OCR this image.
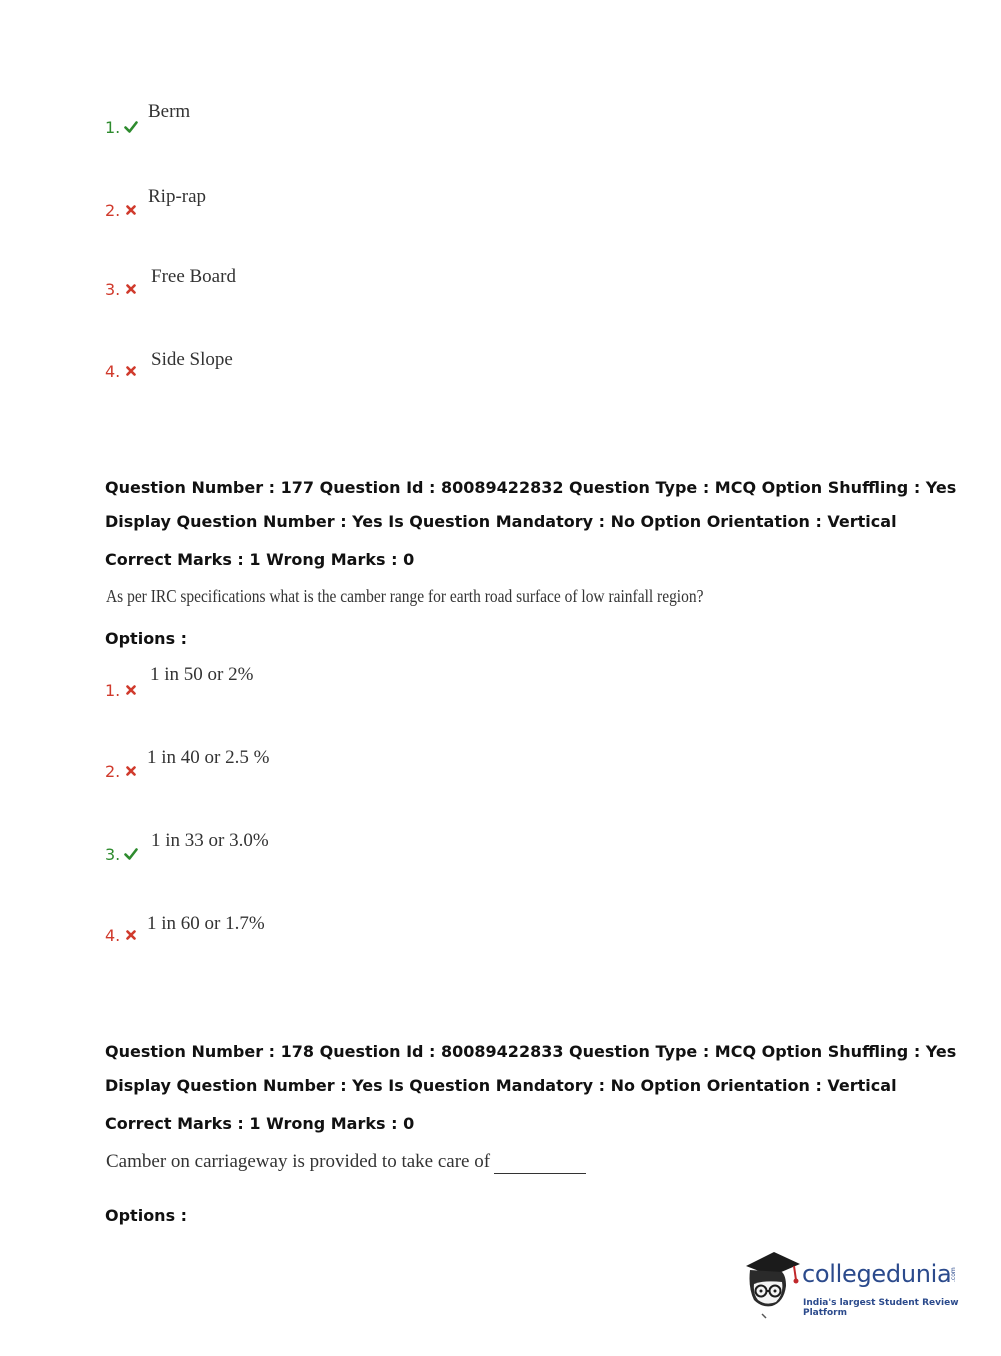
1.
Berm
2.
Rip-rap
3.
Free Board
4.
Side Slope
Question Number : 177 Question Id : 80089422832 Question Type : MCQ Option Shuffling : Yes
Display Question Number : Yes Is Question Mandatory : No Option Orientation : Vertical
Correct Marks : 1 Wrong Marks : 0
As per IRC specifications what is the camber range for earth road surface of low rainfall region?
Options :
1.
1 in 50 or 2%
2.
1 in 40 or 2.5 %
3.
1 in 33 or 3.0%
4.
1 in 60 or 1.7%
Question Number : 178 Question Id : 80089422833 Question Type : MCQ Option Shuffling : Yes
Display Question Number : Yes Is Question Mandatory : No Option Orientation : Vertical
Correct Marks : 1 Wrong Marks : 0
Camber on carriageway is provided to take care of
Options :
collegedunia
.com
India's largest Student Review Platform
